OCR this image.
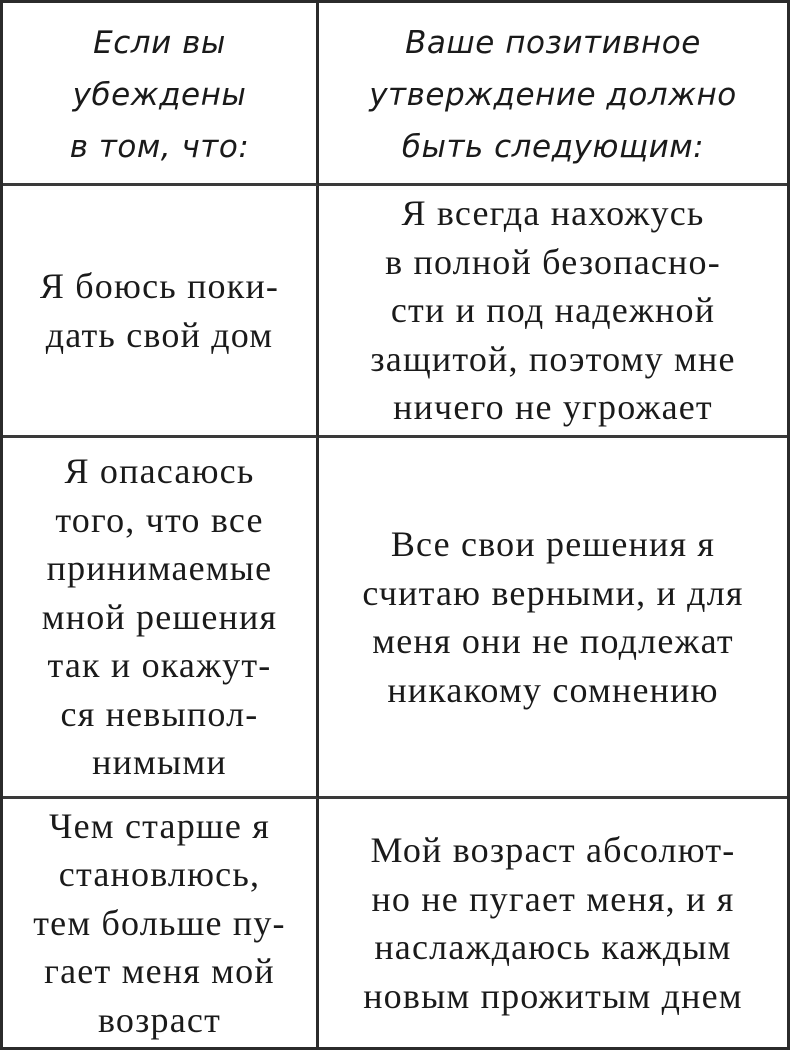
Если вы
убеждены
в том, что:
Ваше позитивное
утверждение должно
быть следующим:
Я боюсь поки-
дать свой дом
Я всегда нахожусь
в полной безопасно-
сти и под надежной
защитой, поэтому мне
ничего не угрожает
Я опасаюсь
того, что все
принимаемые
мной решения
так и окажут-
ся невыпол-
нимыми
Все свои решения я
считаю верными, и для
меня они не подлежат
никакому сомнению
Чем старше я
становлюсь,
тем больше пу-
гает меня мой
возраст
Мой возраст абсолют-
но не пугает меня, и я
наслаждаюсь каждым
новым прожитым днем
